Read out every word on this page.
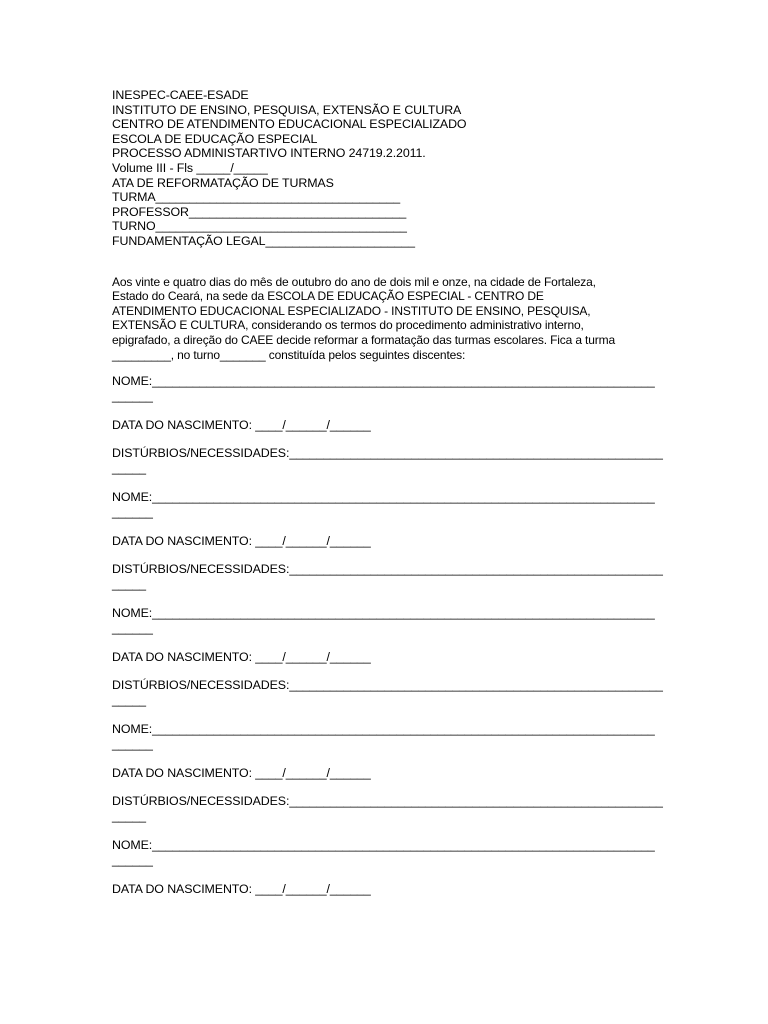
INESPEC-CAEE-ESADE
INSTITUTO DE ENSINO, PESQUISA, EXTENSÃO E CULTURA
CENTRO DE ATENDIMENTO EDUCACIONAL ESPECIALIZADO
ESCOLA DE EDUCAÇÃO ESPECIAL
PROCESSO ADMINISTARTIVO INTERNO 24719.2.2011.
Volume III - Fls _____/_____
ATA DE REFORMATAÇÃO DE TURMAS
TURMA____________________________________
PROFESSOR________________________________
TURNO_____________________________________
FUNDAMENTAÇÃO LEGAL______________________
Aos vinte e quatro dias do mês de outubro do ano de dois mil e onze, na cidade de Fortaleza,
Estado do Ceará, na sede da ESCOLA DE EDUCAÇÃO ESPECIAL - CENTRO DE
ATENDIMENTO EDUCACIONAL ESPECIALIZADO - INSTITUTO DE ENSINO, PESQUISA,
EXTENSÃO E CULTURA, considerando os termos do procedimento administrativo interno,
epigrafado, a direção do CAEE decide reformar a formatação das turmas escolares. Fica a turma
_________, no turno_______ constituída pelos seguintes discentes:
NOME:__________________________________________________________________________
______
DATA DO NASCIMENTO: ____/______/______
DISTÚRBIOS/NECESSIDADES:_______________________________________________________
_____
NOME:__________________________________________________________________________
______
DATA DO NASCIMENTO: ____/______/______
DISTÚRBIOS/NECESSIDADES:_______________________________________________________
_____
NOME:__________________________________________________________________________
______
DATA DO NASCIMENTO: ____/______/______
DISTÚRBIOS/NECESSIDADES:_______________________________________________________
_____
NOME:__________________________________________________________________________
______
DATA DO NASCIMENTO: ____/______/______
DISTÚRBIOS/NECESSIDADES:_______________________________________________________
_____
NOME:__________________________________________________________________________
______
DATA DO NASCIMENTO: ____/______/______
